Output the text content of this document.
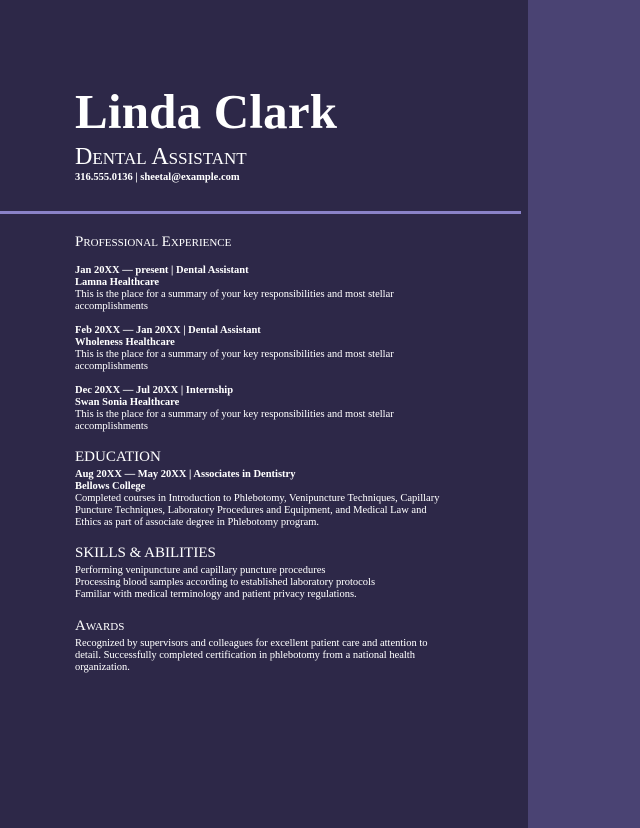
Linda Clark
Dental Assistant
316.555.0136 | sheetal@example.com
Professional Experience
Jan 20XX — present | Dental Assistant
Lamna Healthcare
This is the place for a summary of your key responsibilities and most stellar accomplishments
Feb 20XX — Jan 20XX | Dental Assistant
Wholeness Healthcare
This is the place for a summary of your key responsibilities and most stellar accomplishments
Dec 20XX — Jul 20XX | Internship
Swan Sonia Healthcare
This is the place for a summary of your key responsibilities and most stellar accomplishments
EDUCATION
Aug 20XX — May 20XX | Associates in Dentistry
Bellows College
Completed courses in Introduction to Phlebotomy, Venipuncture Techniques, Capillary Puncture Techniques, Laboratory Procedures and Equipment, and Medical Law and Ethics as part of associate degree in Phlebotomy program.
SKILLS & ABILITIES
Performing venipuncture and capillary puncture procedures
Processing blood samples according to established laboratory protocols
Familiar with medical terminology and patient privacy regulations.
Awards
Recognized by supervisors and colleagues for excellent patient care and attention to detail. Successfully completed certification in phlebotomy from a national health organization.
